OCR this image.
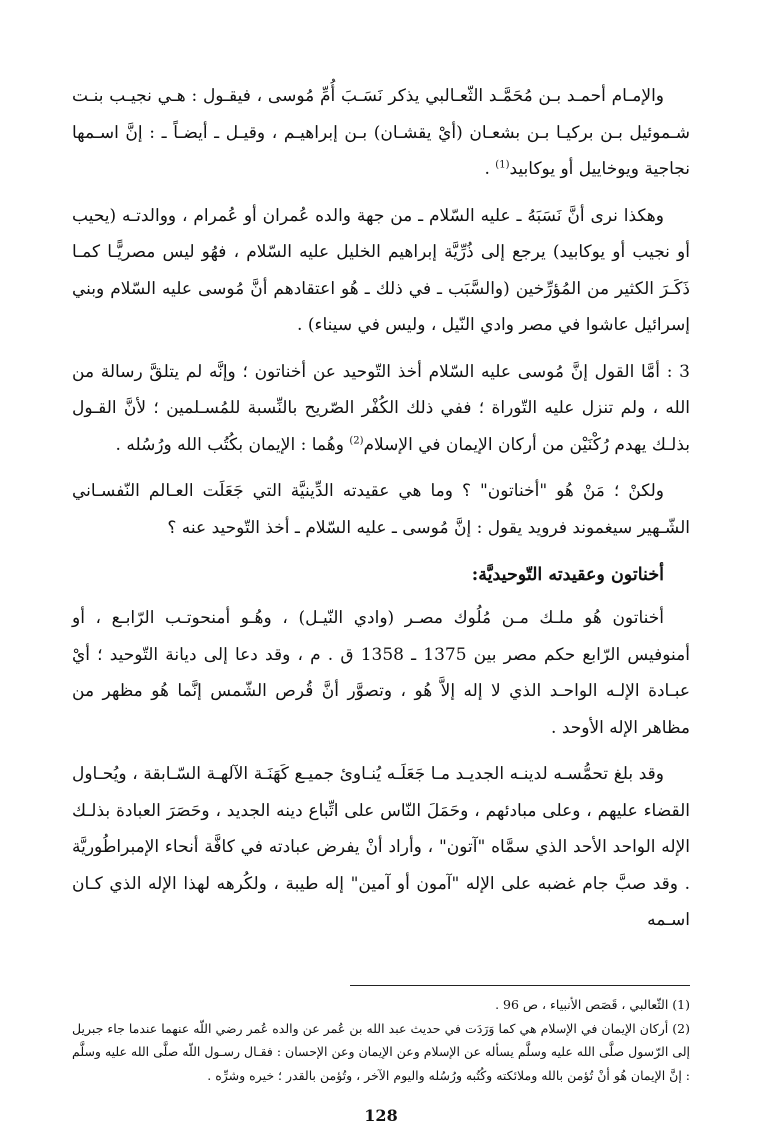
والإمـام أحمـد بـن مُحَمَّـد الثّعـالبي يذكر نَسَـبَ أُمِّ مُوسى ، فيقـول : هـي نجيـب بنـت شـموئيل بـن بركيـا بـن بشعـان (أيْ يقشـان) بـن إبراهيـم ، وقيـل ـ أيضـاً ـ : إنَّ اسـمها نجاجية ويوخاييل أو يوكابيد$^{(1)}$ .

وهكذا نرى أنَّ نَسَبَهُ ـ عليه السّلام ـ من جهة والده عُمران أو عُمرام ، ووالدتـه (يحيب أو نجيب أو يوكابيد) يرجع إلى ذُرِّيَّة إبراهيم الخليل عليه السّلام ، فهُو ليس مصريًّـا كمـا ذَكَـرَ الكثير من المُؤرِّخين (والسَّبَب ـ في ذلك ـ هُو اعتقادهم أنَّ مُوسى عليه السّلام وبني إسرائيل عاشوا في مصر وادي النّيل ، وليس في سيناء) .

3 : أمَّا القول إنَّ مُوسى عليه السّلام أخذ التّوحيد عن أخناتون ؛ وإنَّه لم يتلقَّ رسالة من الله ، ولم تنزل عليه التّوراة ؛ ففي ذلك الكُفْر الصّريح بالنِّسبة للمُسـلمين ؛ لأنَّ القـول بذلـك يهدم رُكْنَيْن من أركان الإيمان في الإسلام$^{(2)}$ وهُما : الإيمان بكُتُب الله ورُسُله .

ولكنْ ؛ مَنْ هُو "أخناتون" ؟ وما هي عقيدته الدِّينيَّة التي جَعَلَت العـالم النّفسـاني الشّـهير سيغموند فرويد يقول : إنَّ مُوسى ـ عليه السّلام ـ أخذ التّوحيد عنه ؟

أخناتون وعقيدته التّوحيديَّة:

أخناتون هُو ملـك مـن مُلُوك مصـر (وادي النّيـل) ، وهُـو أمنحوتـب الرّابـع ، أو أمنوفيس الرّابع حكم مصر بين 1375 ـ 1358 ق . م ، وقد دعا إلى ديانة التّوحيد ؛ أيْ عبـادة الإلـه الواحـد الذي لا إله إلاَّ هُو ، وتصوَّر أنَّ قُرص الشّمس إنَّما هُو مظهر من مظاهر الإله الأوحد .

وقد بلغ تحمُّسـه لدينـه الجديـد مـا جَعَلَـه يُنـاوئ جميـع كَهَنَـة الآلهـة السّـابقة ، ويُحـاول القضاء عليهم ، وعلى مبادئهم ، وحَمَلَ النّاس على اتِّباع دينه الجديد ، وحَصَرَ العبادة بذلـك الإله الواحد الأحد الذي سمَّاه "آتون" ، وأراد أنْ يفرض عبادته في كافَّة أنحاء الإمبراطُوريَّة . وقد صبَّ جام غضبه على الإله "آمون أو آمين" إله طيبة ، ولكُرهه لهذا الإله الذي كـان اسـمه

(1) الثّعالبي ، قَصَص الأنبياء ، ص 96 .

(2) أركان الإيمان في الإسلام هي كما وَرَدَت في حديث عبد الله بن عُمر عن والده عُمر رضي اللّه عنهما عندما جاء جبريل إلى الرّسول صلَّى الله عليه وسلَّم يسأله عن الإسلام وعن الإيمان وعن الإحسان : فقـال رسـول اللّه صلَّى الله عليه وسلَّم : إنَّ الإيمان هُو أنْ تُؤمن بالله وملائكته وكُتُبه ورُسُله واليوم الآخر ، وتُؤمن بالقدر ؛ خيره وشرِّه .

128
